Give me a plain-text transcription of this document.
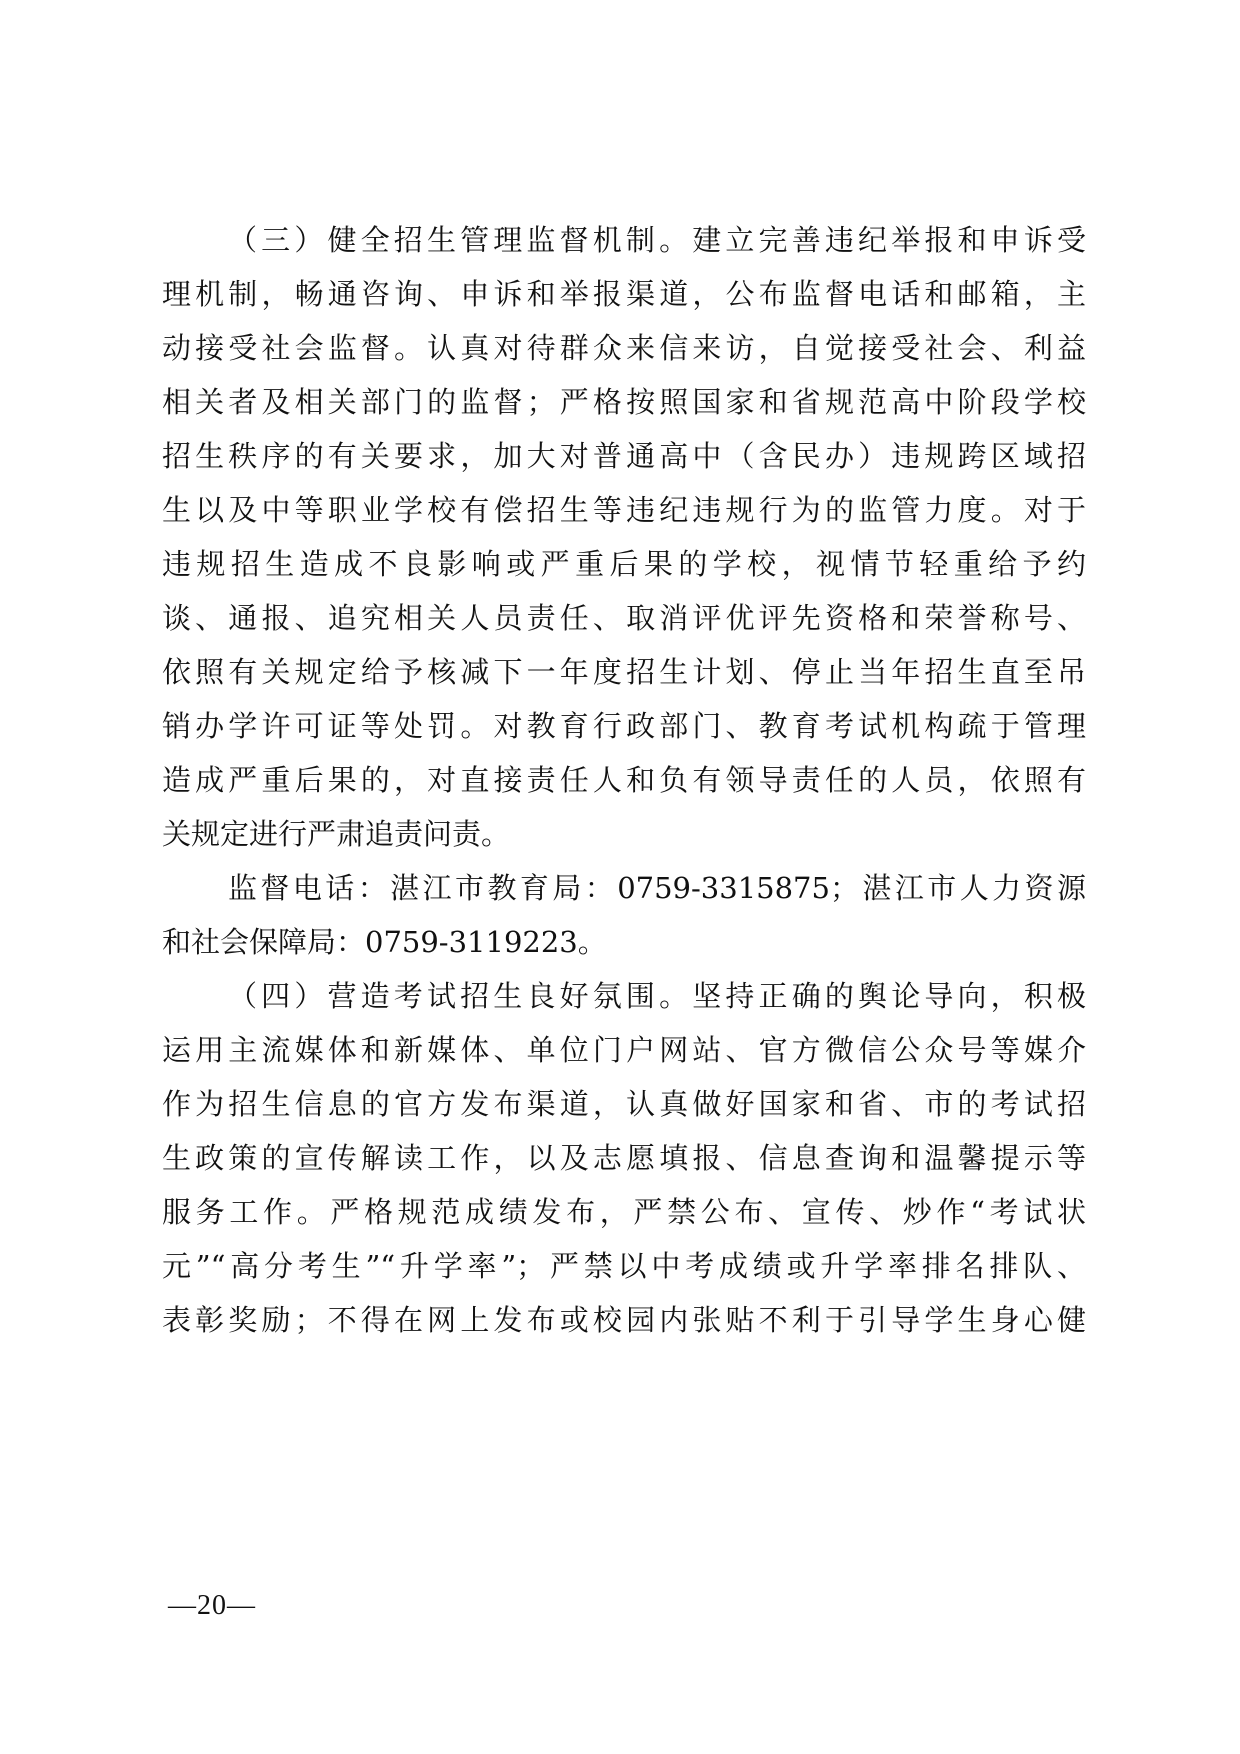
（三）健全招生管理监督机制。建立完善违纪举报和申诉受
理机制，畅通咨询、申诉和举报渠道，公布监督电话和邮箱，主
动接受社会监督。认真对待群众来信来访，自觉接受社会、利益
相关者及相关部门的监督；严格按照国家和省规范高中阶段学校
招生秩序的有关要求，加大对普通高中（含民办）违规跨区域招
生以及中等职业学校有偿招生等违纪违规行为的监管力度。对于
违规招生造成不良影响或严重后果的学校，视情节轻重给予约
谈、通报、追究相关人员责任、取消评优评先资格和荣誉称号、
依照有关规定给予核减下一年度招生计划、停止当年招生直至吊
销办学许可证等处罚。对教育行政部门、教育考试机构疏于管理
造成严重后果的，对直接责任人和负有领导责任的人员，依照有
关规定进行严肃追责问责。
监督电话：湛江市教育局：0759-3315875；湛江市人力资源
和社会保障局：0759-3119223。
（四）营造考试招生良好氛围。坚持正确的舆论导向，积极
运用主流媒体和新媒体、单位门户网站、官方微信公众号等媒介
作为招生信息的官方发布渠道，认真做好国家和省、市的考试招
生政策的宣传解读工作，以及志愿填报、信息查询和温馨提示等
服务工作。严格规范成绩发布，严禁公布、宣传、炒作“考试状
元”“高分考生”“升学率”；严禁以中考成绩或升学率排名排队、
表彰奖励；不得在网上发布或校园内张贴不利于引导学生身心健
—20—
